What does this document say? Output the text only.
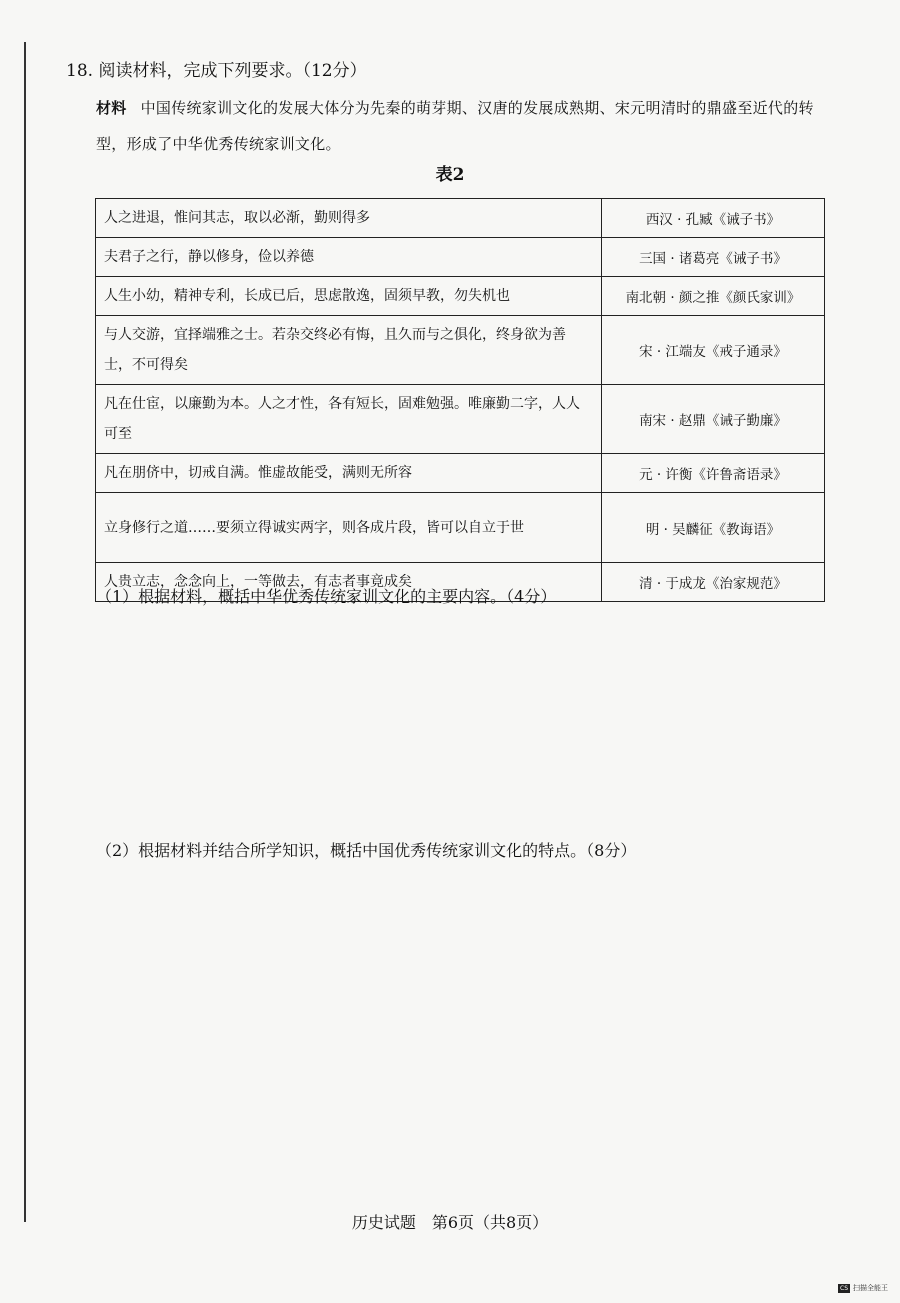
18. 阅读材料，完成下列要求。（12分）
材料 中国传统家训文化的发展大体分为先秦的萌芽期、汉唐的发展成熟期、宋元明清时的鼎盛至近代的转型，形成了中华优秀传统家训文化。
表2
人之进退，惟问其志，取以必渐，勤则得多	西汉 · 孔臧《诫子书》
夫君子之行，静以修身，俭以养德	三国 · 诸葛亮《诫子书》
人生小幼，精神专利，长成已后，思虑散逸，固须早教，勿失机也	南北朝 · 颜之推《颜氏家训》
与人交游，宜择端雅之士。若杂交终必有悔，且久而与之俱化，终身欲为善士，不可得矣	宋 · 江端友《戒子通录》
凡在仕宦，以廉勤为本。人之才性，各有短长，固难勉强。唯廉勤二字，人人可至	南宋 · 赵鼎《诫子勤廉》
凡在朋侪中，切戒自满。惟虚故能受，满则无所容	元 · 许衡《许鲁斋语录》
立身修行之道……要须立得诚实两字，则各成片段，皆可以自立于世	明 · 吴麟征《教诲语》
人贵立志，念念向上，一等做去，有志者事竟成矣	清 · 于成龙《治家规范》
（1）根据材料，概括中华优秀传统家训文化的主要内容。（4分）
（2）根据材料并结合所学知识，概括中国优秀传统家训文化的特点。（8分）
历史试题　第6页（共8页）
CS 扫描全能王
